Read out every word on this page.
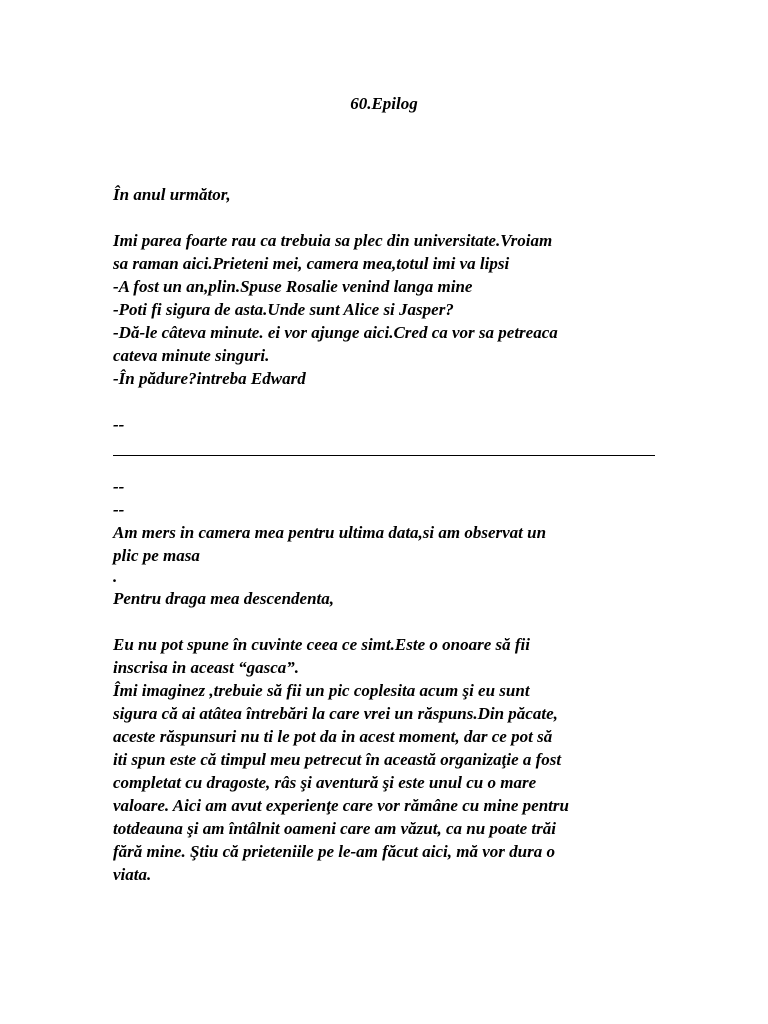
60.Epilog
În anul următor,
Imi parea foarte rau ca trebuia sa plec din universitate.Vroiam
sa raman aici.Prieteni mei, camera mea,totul imi va lipsi
-A fost un an,plin.Spuse Rosalie venind langa mine
-Poti fi sigura de asta.Unde sunt Alice si Jasper?
-Dă-le câteva minute. ei vor ajunge aici.Cred ca vor sa petreaca
cateva minute singuri.
-În pădure?intreba Edward
--
--
--
Am mers in camera mea pentru ultima data,si am observat un
plic pe masa
.
Pentru draga mea descendenta,
Eu nu pot spune în cuvinte ceea ce simt.Este o onoare să fii
inscrisa in aceast “gasca”.
Îmi imaginez ,trebuie să fii un pic coplesita acum şi eu sunt
sigura că ai atâtea întrebări la care vrei un răspuns.Din păcate,
aceste răspunsuri nu ti le pot da in acest moment, dar ce pot să
iti spun este că timpul meu petrecut în această organizaţie a fost
completat cu dragoste, râs şi aventură şi este unul cu o mare
valoare. Aici am avut experienţe care vor rămâne cu mine pentru
totdeauna şi am întâlnit oameni care am văzut, ca nu poate trăi
fără mine. Ştiu că prieteniile pe le-am făcut aici, mă vor dura o
viata.
